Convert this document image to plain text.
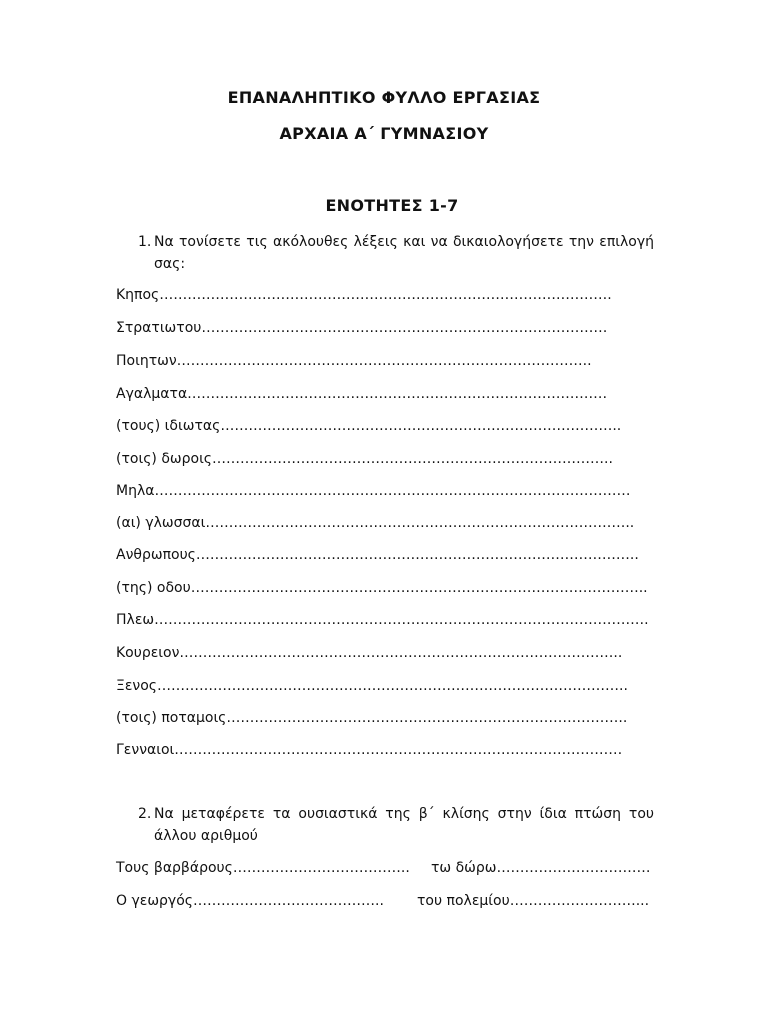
ΕΠΑΝΑΛΗΠΤΙΚΟ ΦΥΛΛΟ ΕΡΓΑΣΙΑΣ
ΑΡΧΑΙΑ Α΄ ΓΥΜΝΑΣΙΟΥ
ΕΝΟΤΗΤΕΣ 1-7
1. Να τονίσετε τις ακόλουθες λέξεις και να δικαιολογήσετε την επιλογή σας:
Κηπος…………………………………………………………………………………….
Στρατιωτου……………………………………………………………………………
Ποιητων……………………………………………………………………………..
Αγαλματα………………………………………………………………………………
(τους) ιδιωτας…………………………………………………………………………..
(τοις) δωροις…………………………………………………………………………..
Μηλα…………………………………………………………………………………………
(αι) γλωσσαι………………………………………………………………………………..
Ανθρωπους…………………………………………………………………………………..
(της) οδου……………………………………………………………………………………..
Πλεω…………………………………………………………………………………………….
Κουρειον…………………………………………………………………………………..
Ξενος………………………………………………………………………………………..
(τοις) ποταμοις…………………………………………………………………………..
Γενναιοι……………………………………………………………………………………
2. Να μεταφέρετε τα ουσιαστικά της β΄ κλίσης στην ίδια πτώση του άλλου αριθμού
Τους βαρβάρους……………………………….. τω δώρω……………………………
Ο γεωργός………………………………….. του πολεμίου………………………...
